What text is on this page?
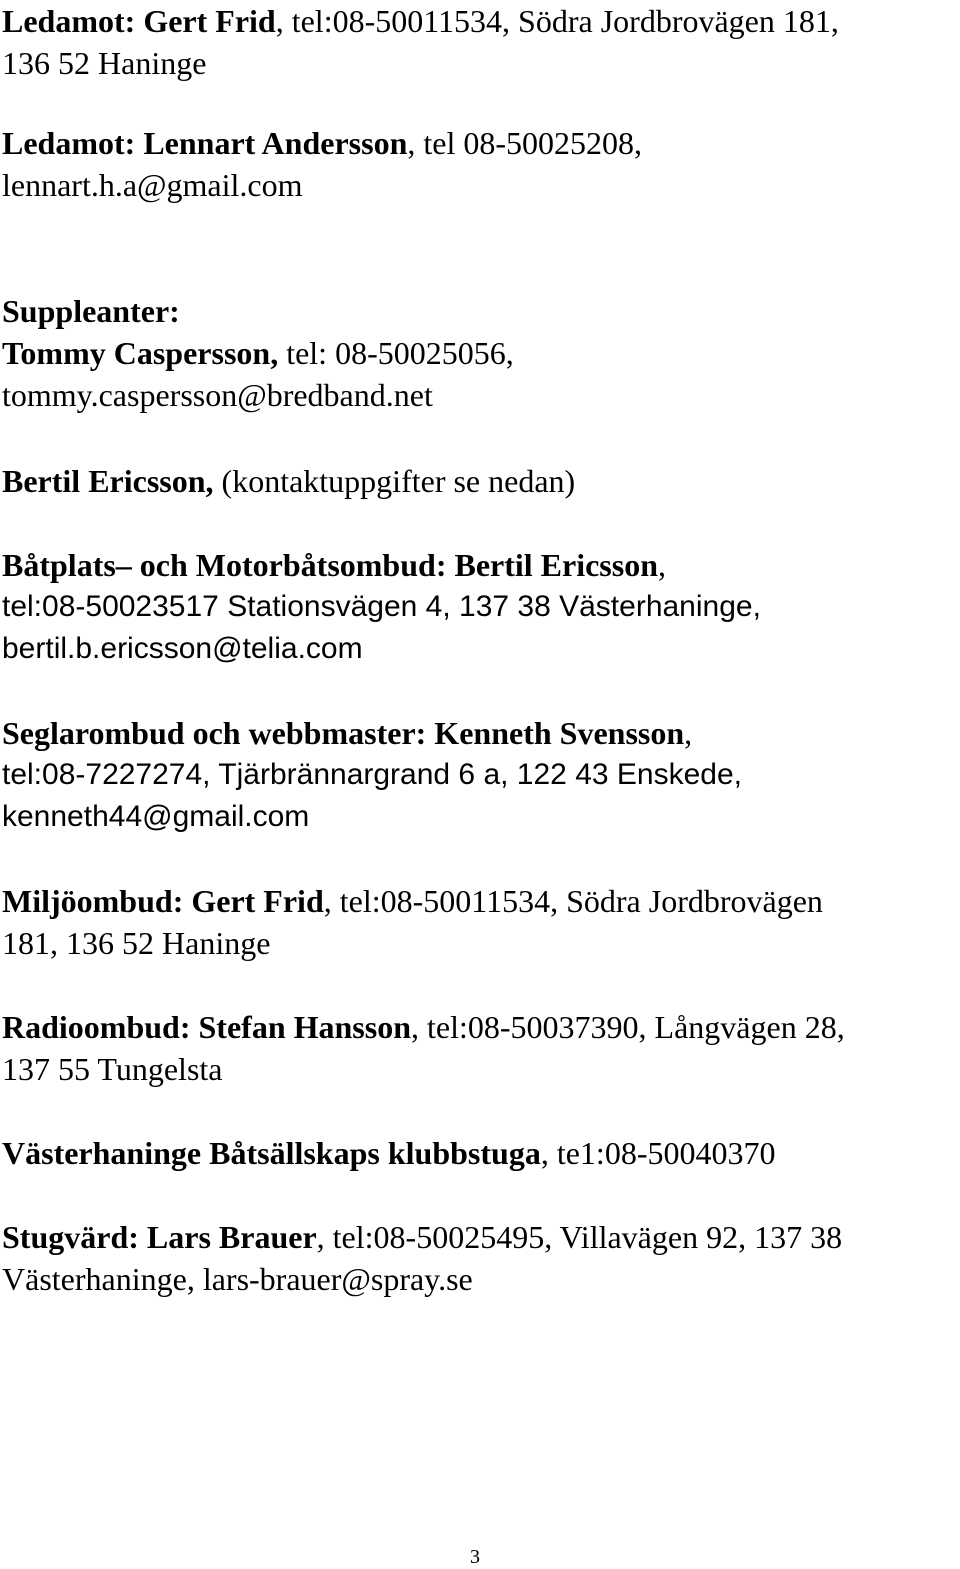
Ledamot: Gert Frid, tel:08-50011534, Södra Jordbrovägen 181,
136 52 Haninge

Ledamot: Lennart Andersson, tel 08-50025208,
lennart.h.a@gmail.com

Suppleanter:
Tommy Caspersson, tel: 08-50025056,
tommy.caspersson@bredband.net

Bertil Ericsson, (kontaktuppgifter se nedan)

Båtplats– och Motorbåtsombud: Bertil Ericsson,
tel:08-50023517 Stationsvägen 4, 137 38 Västerhaninge,
bertil.b.ericsson@telia.com

Seglarombud och webbmaster: Kenneth Svensson,
tel:08-7227274, Tjärbrännargrand 6 a, 122 43 Enskede,
kenneth44@gmail.com

Miljöombud: Gert Frid, tel:08-50011534, Södra Jordbrovägen
181, 136 52 Haninge

Radioombud: Stefan Hansson, tel:08-50037390, Långvägen 28,
137 55 Tungelsta

Västerhaninge Båtsällskaps klubbstuga, te1:08-50040370

Stugvärd: Lars Brauer, tel:08-50025495, Villavägen 92, 137 38
Västerhaninge, lars-brauer@spray.se

3
